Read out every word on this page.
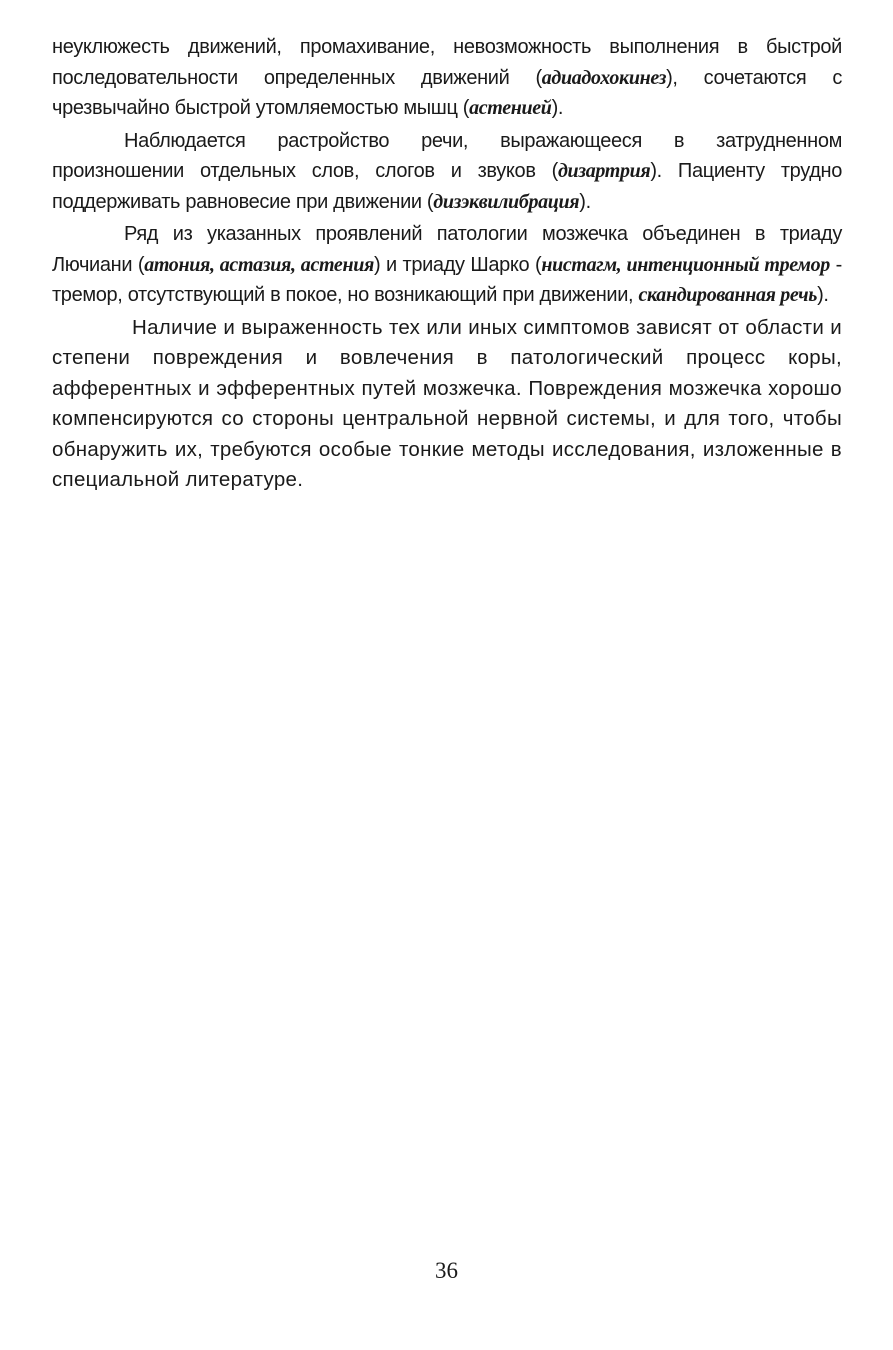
неуклюжесть движений, промахивание, невозможность выполнения в быстрой последовательности определенных движений (адиадохокинез), сочетаются с чрезвычайно быстрой утомляемостью мышц (астенией).

Наблюдается растройство речи, выражающееся в затрудненном произношении отдельных слов, слогов и звуков (дизартрия). Пациенту трудно поддерживать равновесие при движении (дизэквилибрация).

Ряд из указанных проявлений патологии мозжечка объединен в триаду Лючиани (атония, астазия, астения) и триаду Шарко (нистагм, интенционный тремор - тремор, отсутствующий в покое, но возникающий при движении, скандированная речь).

Наличие и выраженность тех или иных симптомов зависят от области и степени повреждения и вовлечения в патологический процесс коры, афферентных и эфферентных путей мозжечка. Повреждения мозжечка хорошо компенсируются со стороны центральной нервной системы, и для того, чтобы обнаружить их, требуются особые тонкие методы исследования, изложенные в специальной литературе.

36
